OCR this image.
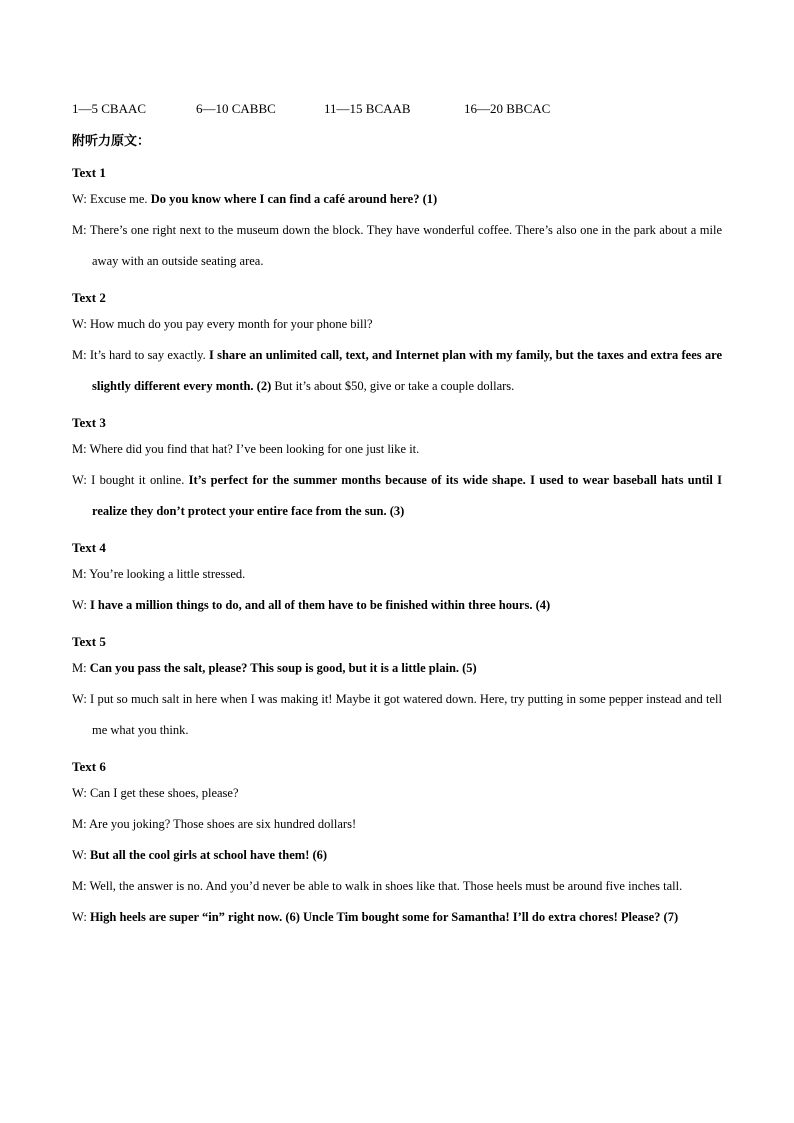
1—5 CBAAC	6—10 CABBC	11—15 BCAAB	16—20 BBCAC
附听力原文：
Text 1
W: Excuse me. Do you know where I can find a café around here? (1)
M: There’s one right next to the museum down the block. They have wonderful coffee. There’s also one in the park about a mile away with an outside seating area.
Text 2
W: How much do you pay every month for your phone bill?
M: It’s hard to say exactly. I share an unlimited call, text, and Internet plan with my family, but the taxes and extra fees are slightly different every month. (2) But it’s about $50, give or take a couple dollars.
Text 3
M: Where did you find that hat? I’ve been looking for one just like it.
W: I bought it online. It’s perfect for the summer months because of its wide shape. I used to wear baseball hats until I realize they don’t protect your entire face from the sun. (3)
Text 4
M: You’re looking a little stressed.
W: I have a million things to do, and all of them have to be finished within three hours. (4)
Text 5
M: Can you pass the salt, please? This soup is good, but it is a little plain. (5)
W: I put so much salt in here when I was making it! Maybe it got watered down. Here, try putting in some pepper instead and tell me what you think.
Text 6
W: Can I get these shoes, please?
M: Are you joking? Those shoes are six hundred dollars!
W: But all the cool girls at school have them! (6)
M: Well, the answer is no. And you’d never be able to walk in shoes like that. Those heels must be around five inches tall.
W: High heels are super “in” right now. (6) Uncle Tim bought some for Samantha! I’ll do extra chores! Please? (7)
